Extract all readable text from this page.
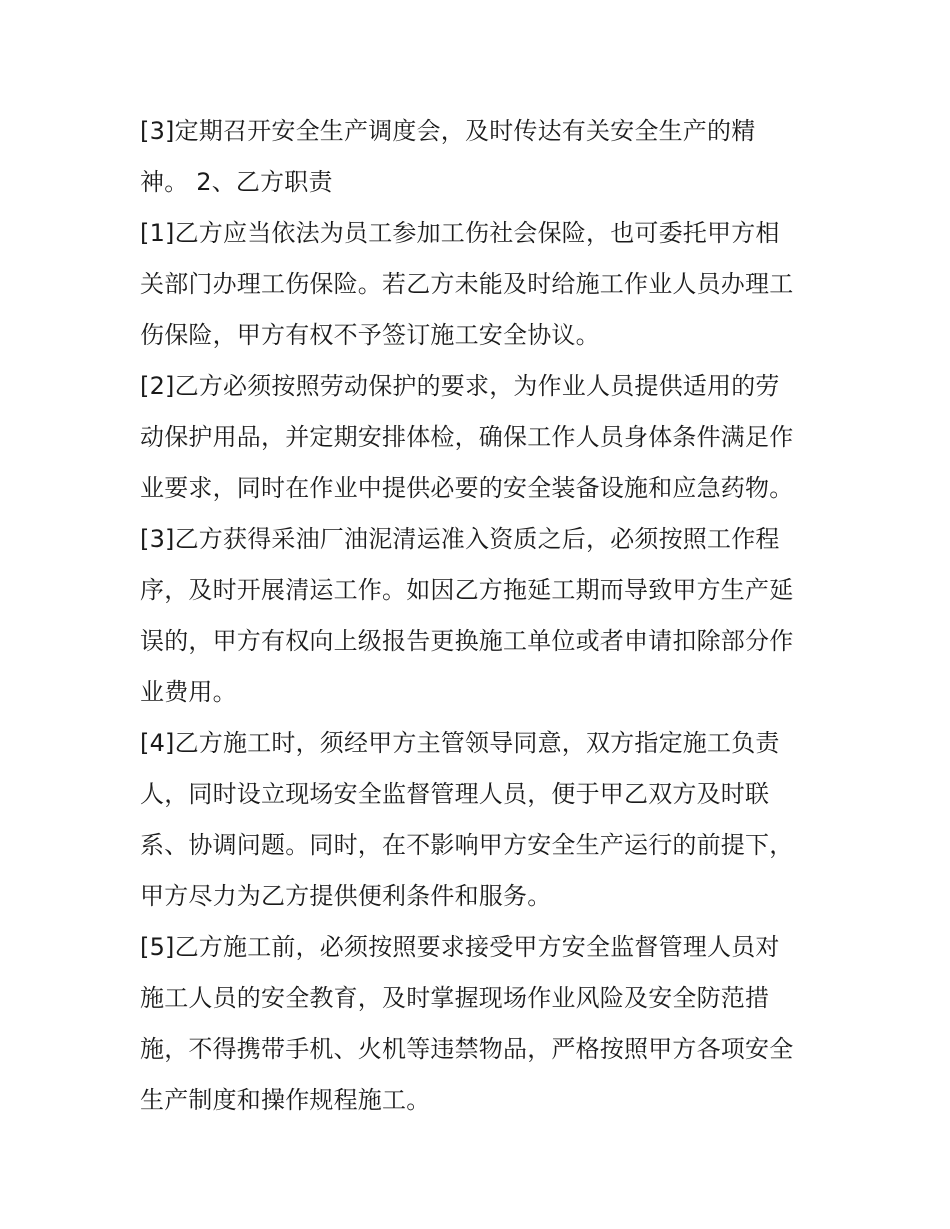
[3]定期召开安全生产调度会，及时传达有关安全生产的精
神。 2、乙方职责
[1]乙方应当依法为员工参加工伤社会保险，也可委托甲方相
关部门办理工伤保险。若乙方未能及时给施工作业人员办理工
伤保险，甲方有权不予签订施工安全协议。
[2]乙方必须按照劳动保护的要求，为作业人员提供适用的劳
动保护用品，并定期安排体检，确保工作人员身体条件满足作
业要求，同时在作业中提供必要的安全装备设施和应急药物。
[3]乙方获得采油厂油泥清运准入资质之后，必须按照工作程
序，及时开展清运工作。如因乙方拖延工期而导致甲方生产延
误的，甲方有权向上级报告更换施工单位或者申请扣除部分作
业费用。
[4]乙方施工时，须经甲方主管领导同意，双方指定施工负责
人，同时设立现场安全监督管理人员，便于甲乙双方及时联
系、协调问题。同时，在不影响甲方安全生产运行的前提下，
甲方尽力为乙方提供便利条件和服务。
[5]乙方施工前，必须按照要求接受甲方安全监督管理人员对
施工人员的安全教育，及时掌握现场作业风险及安全防范措
施，不得携带手机、火机等违禁物品，严格按照甲方各项安全
生产制度和操作规程施工。
